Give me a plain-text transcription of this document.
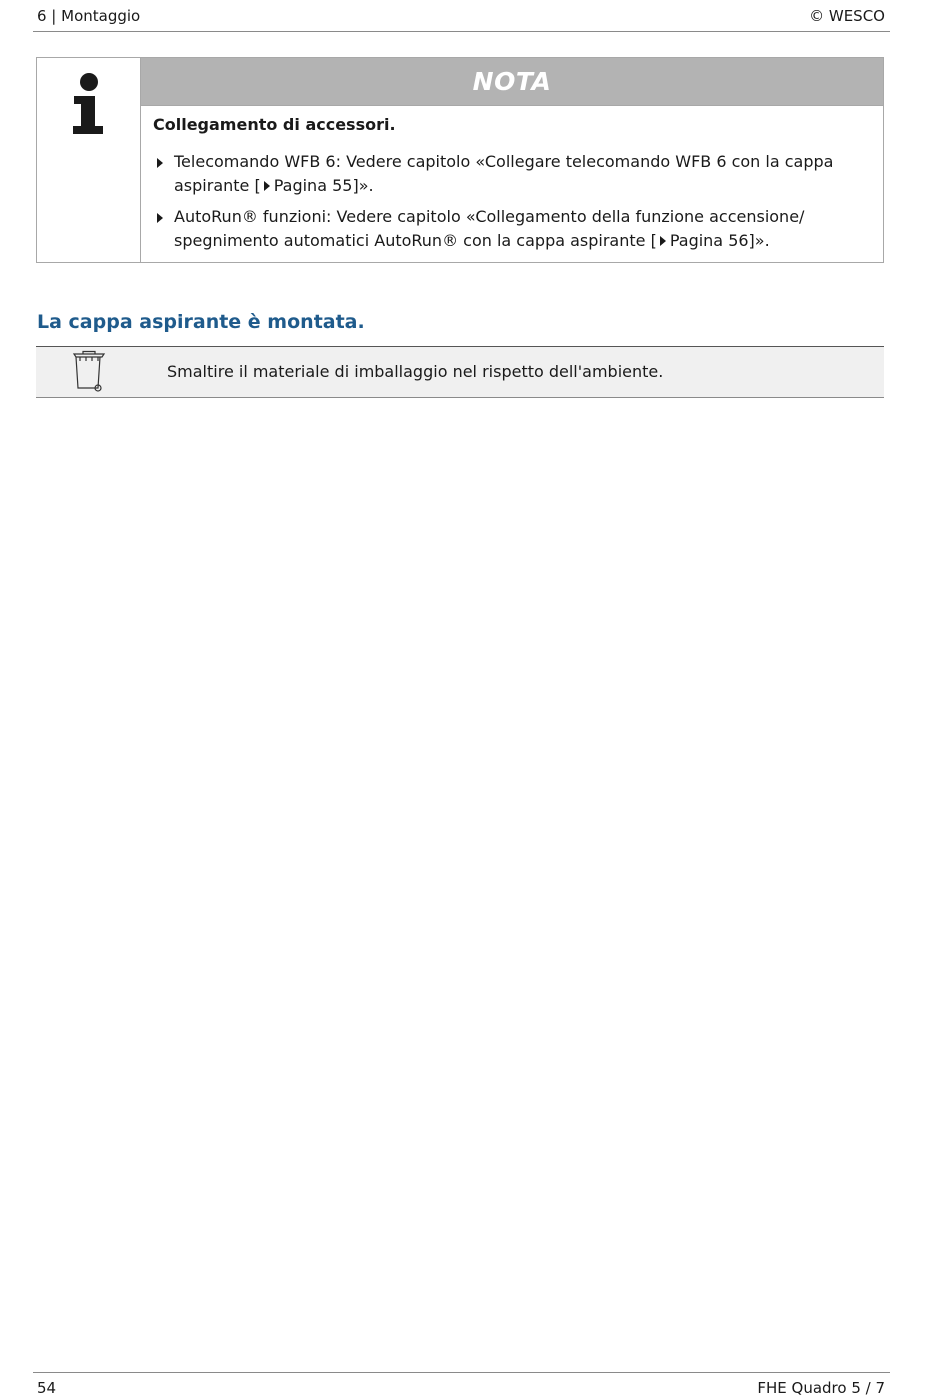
6 | Montaggio	© WESCO
NOTA
Collegamento di accessori.
Telecomando WFB 6: Vedere capitolo «Collegare telecomando WFB 6 con la cappa aspirante [ Pagina 55]».
AutoRun® funzioni: Vedere capitolo «Collegamento della funzione accensione/ spegnimento automatici AutoRun® con la cappa aspirante [ Pagina 56]».
La cappa aspirante è montata.
Smaltire il materiale di imballaggio nel rispetto dell'ambiente.
54	FHE Quadro 5 / 7
